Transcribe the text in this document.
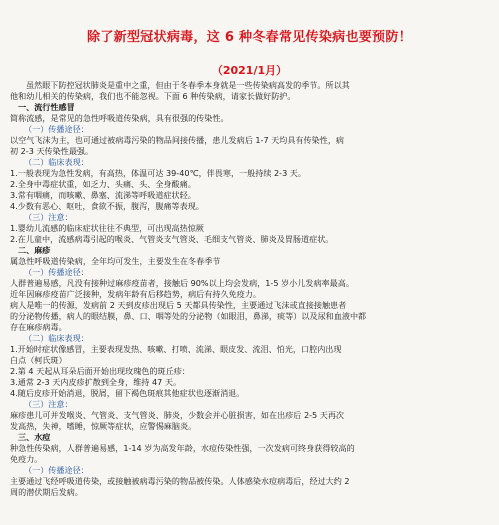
除了新型冠状病毒，这 6 种冬春常见传染病也要预防！
（2021/1月）
虽然眼下防控冠状肺炎是重中之重，但由于冬春季本身就是一些传染病高发的季节。所以其
他和幼儿相关的传染病，我们也不能忽视。下面 6 种传染病，请家长做好防护。
一、流行性感冒
简称流感，是常见的急性呼吸道传染病，具有很强的传染性。
（一）传播途径：
以空气飞沫为主，也可通过被病毒污染的物品间接传播，患儿发病后 1-7 天均具有传染性，病
初 2-3 天传染性最强。
（二）临床表现：
1.一般表现为急性发病，有高热，体温可达 39-40℃，伴畏寒，一般持续 2-3 天。
2.全身中毒症状重，如乏力、头痛、头、全身酸痛。
3.常有咽痛，而咳嗽、鼻塞、流涕等呼吸道症状轻。
4.少数有恶心、呕吐，食欲不振，腹泻，腹痛等表现。
（三）注意：
1.婴幼儿流感的临床症状往往不典型，可出现高热惊厥
2.在儿童中，流感病毒引起的喉炎、气管炎支气管炎、毛细支气管炎、肺炎及胃肠道症状。
二、麻疹
属急性呼吸道传染病，全年均可发生，主要发生在冬春季节
（一）传播途径：
人群普遍易感，凡没有接种过麻疹疫苗者，接触后 90%以上均会发病，1-5 岁小儿发病率最高。
近年因麻疹疫苗广泛接种，发病年龄有后移趋势，病后有持久免疫力。
病人是唯一的传源，发病前 2 天到皮疹出现后 5 天都具传染性，主要通过飞沫或直接接触患者
的分泌物传播，病人的眼结膜，鼻、口、咽等处的分泌物（如眼泪，鼻涕，痰等）以及尿和血液中都
存在麻疹病毒。
（二）临床表现：
1.开始时症状像感冒，主要表现发热、咳嗽、打喷、流涕、眼皮发、流泪、怕光，口腔内出现
白点（柯氏斑）
2.第 4 天起从耳朵后面开始出现玫瑰色的斑丘疹：
3.通常 2-3 天内皮疹扩散到全身，维持 47 天。
4.随后皮疹开始消退，脱屑，留下褐色斑痕其他症状也逐渐消退。
（三）注意：
麻疹患儿可并发喉炎、气管炎、支气管炎、肺炎，少数会并心脏损害，如在出疹后 2-5 天再次
发高热，失神，嗜睡，惊厥等症状，应警惕麻脑炎。
三、水痘
种急性传染病，人群普遍易感，1-14 岁为高发年龄，水痘传染性强，一次发病可终身获得较高的
免疫力。
（一）传播途径：
主要通过飞经呼吸道传染，或接触被病毒污染的物品被传染。人体感染水痘病毒后，经过大约 2
周的潜伏期后发病。
